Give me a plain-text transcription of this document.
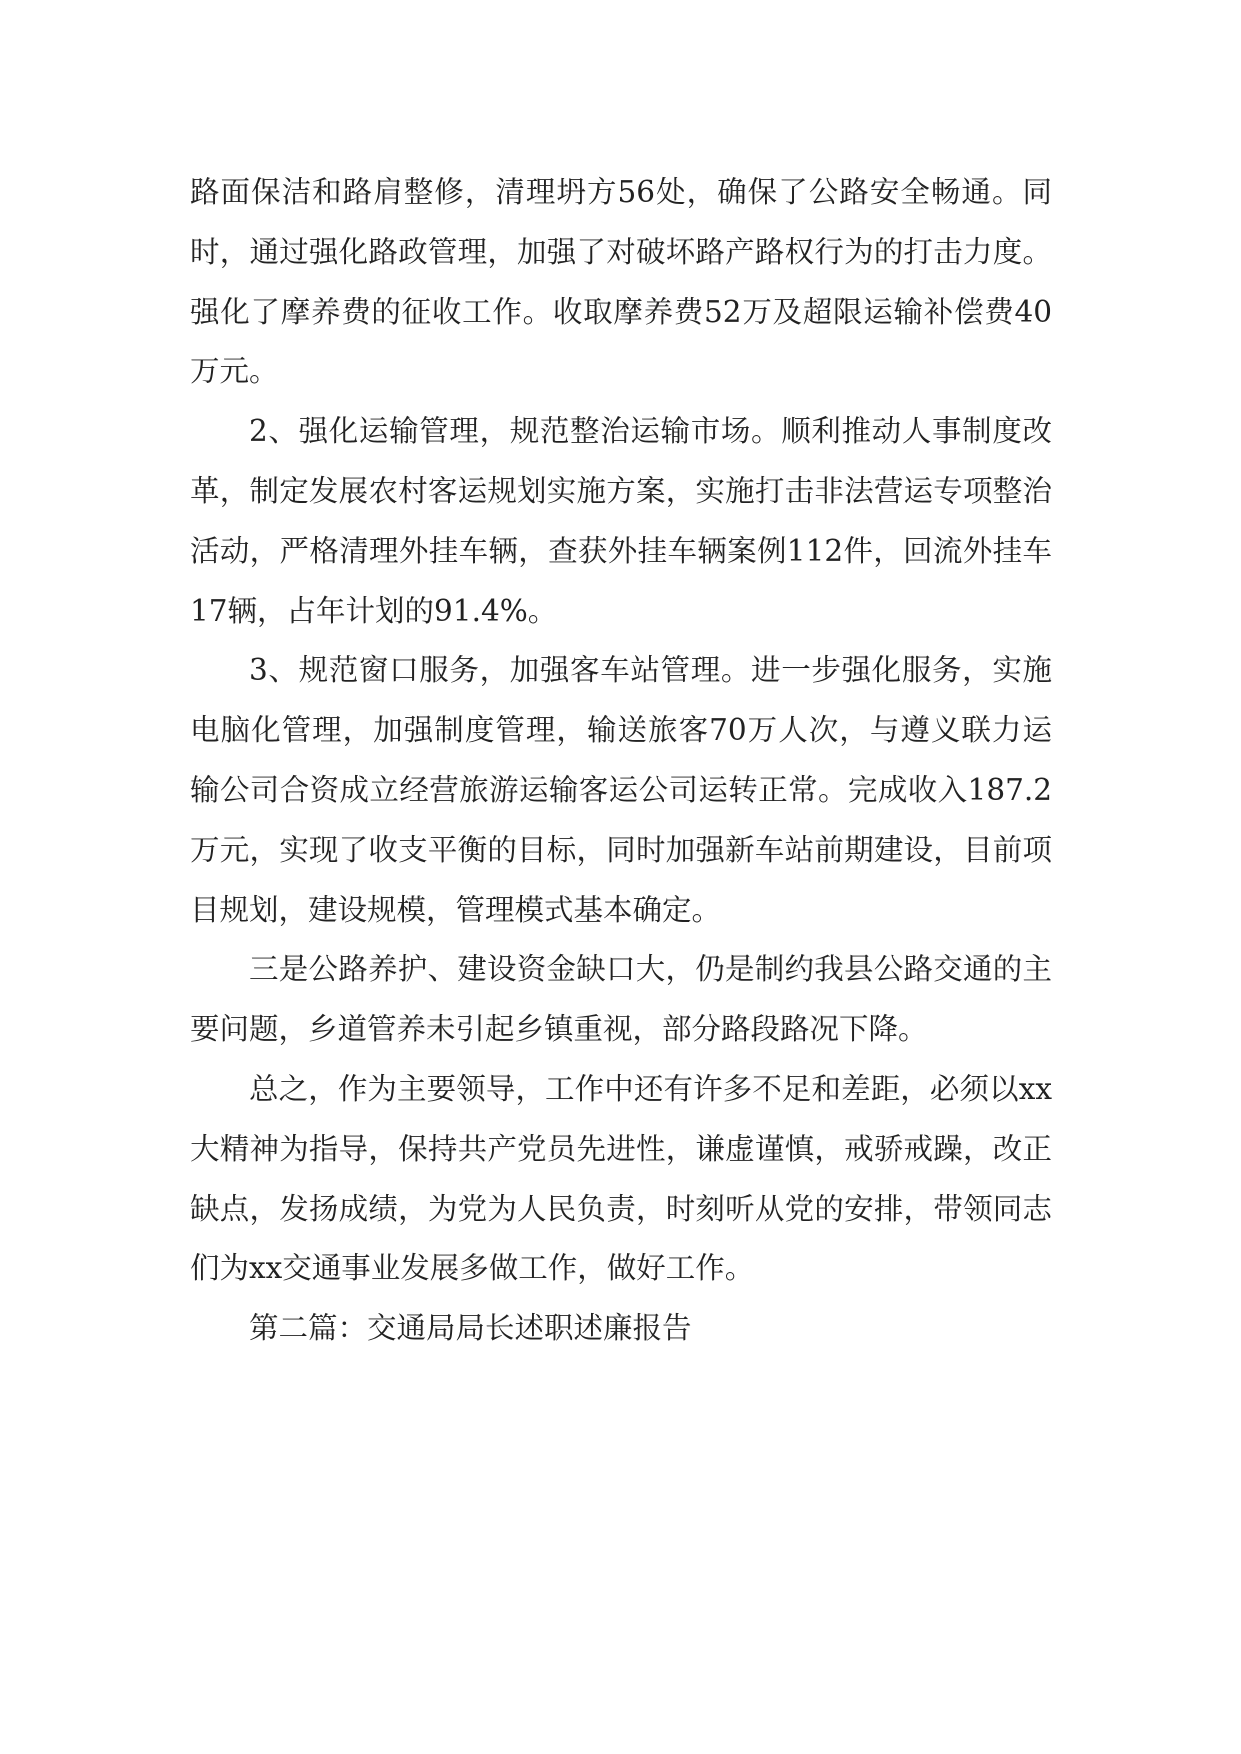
路面保洁和路肩整修，清理坍方56处，确保了公路安全畅通。同时，通过强化路政管理，加强了对破坏路产路权行为的打击力度。强化了摩养费的征收工作。收取摩养费52万及超限运输补偿费40万元。

2、强化运输管理，规范整治运输市场。顺利推动人事制度改革，制定发展农村客运规划实施方案，实施打击非法营运专项整治活动，严格清理外挂车辆，查获外挂车辆案例112件，回流外挂车17辆，占年计划的91.4%。

3、规范窗口服务，加强客车站管理。进一步强化服务，实施电脑化管理，加强制度管理，输送旅客70万人次，与遵义联力运输公司合资成立经营旅游运输客运公司运转正常。完成收入187.2万元，实现了收支平衡的目标，同时加强新车站前期建设，目前项目规划，建设规模，管理模式基本确定。

三是公路养护、建设资金缺口大，仍是制约我县公路交通的主要问题，乡道管养未引起乡镇重视，部分路段路况下降。

总之，作为主要领导，工作中还有许多不足和差距，必须以xx大精神为指导，保持共产党员先进性，谦虚谨慎，戒骄戒躁，改正缺点，发扬成绩，为党为人民负责，时刻听从党的安排，带领同志们为xx交通事业发展多做工作，做好工作。

第二篇：交通局局长述职述廉报告
